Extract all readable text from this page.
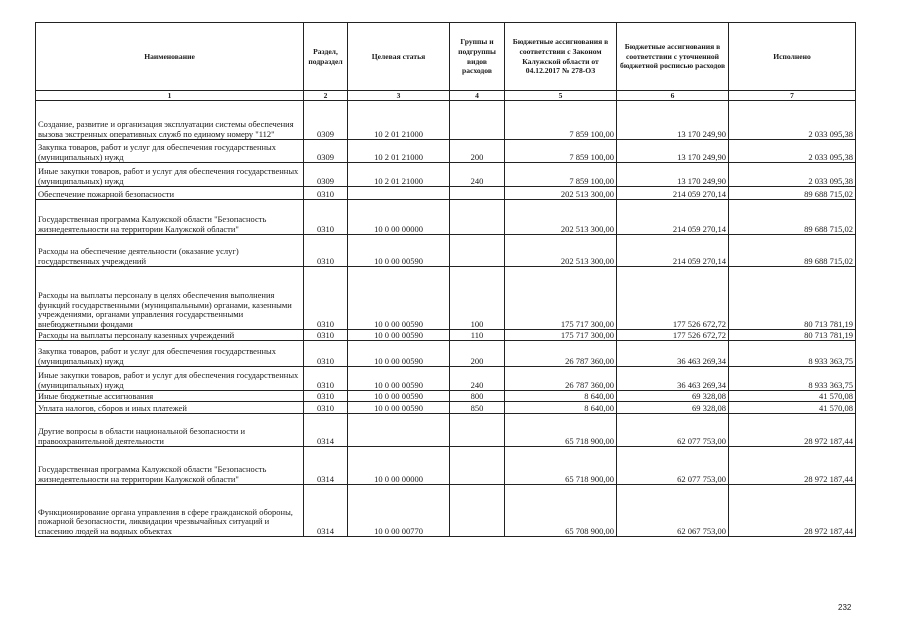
Наименование	Раздел, подраздел	Целевая статья	Группы и подгруппы видов расходов	Бюджетные ассигнования в соответствии с Законом Калужской области от 04.12.2017 № 278-ОЗ	Бюджетные ассигнования в соответствии с уточненной бюджетной росписью расходов	Исполнено
1	2	3	4	5	6	7
Создание, развитие и организация эксплуатации системы обеспечения вызова экстренных оперативных служб по единому номеру "112"	0309	10 2 01 21000		7 859 100,00	13 170 249,90	2 033 095,38
Закупка товаров, работ и услуг для обеспечения государственных (муниципальных) нужд	0309	10 2 01 21000	200	7 859 100,00	13 170 249,90	2 033 095,38
Иные закупки товаров, работ и услуг для обеспечения государственных (муниципальных) нужд	0309	10 2 01 21000	240	7 859 100,00	13 170 249,90	2 033 095,38
Обеспечение пожарной безопасности	0310			202 513 300,00	214 059 270,14	89 688 715,02
Государственная программа Калужской области "Безопасность жизнедеятельности на территории Калужской области"	0310	10 0 00 00000		202 513 300,00	214 059 270,14	89 688 715,02
Расходы на обеспечение деятельности (оказание услуг) государственных учреждений	0310	10 0 00 00590		202 513 300,00	214 059 270,14	89 688 715,02
Расходы на выплаты персоналу в целях обеспечения выполнения функций государственными (муниципальными) органами, казенными учреждениями, органами управления государственными внебюджетными фондами	0310	10 0 00 00590	100	175 717 300,00	177 526 672,72	80 713 781,19
Расходы на выплаты персоналу казенных учреждений	0310	10 0 00 00590	110	175 717 300,00	177 526 672,72	80 713 781,19
Закупка товаров, работ и услуг для обеспечения государственных (муниципальных) нужд	0310	10 0 00 00590	200	26 787 360,00	36 463 269,34	8 933 363,75
Иные закупки товаров, работ и услуг для обеспечения государственных (муниципальных) нужд	0310	10 0 00 00590	240	26 787 360,00	36 463 269,34	8 933 363,75
Иные бюджетные ассигнования	0310	10 0 00 00590	800	8 640,00	69 328,08	41 570,08
Уплата налогов, сборов и иных платежей	0310	10 0 00 00590	850	8 640,00	69 328,08	41 570,08
Другие вопросы в области национальной безопасности и правоохранительной деятельности	0314			65 718 900,00	62 077 753,00	28 972 187,44
Государственная программа Калужской области "Безопасность жизнедеятельности на территории Калужской области"	0314	10 0 00 00000		65 718 900,00	62 077 753,00	28 972 187,44
Функционирование органа управления в сфере гражданской обороны, пожарной безопасности, ликвидации чрезвычайных ситуаций и спасению людей на водных объектах	0314	10 0 00 00770		65 708 900,00	62 067 753,00	28 972 187,44
232
